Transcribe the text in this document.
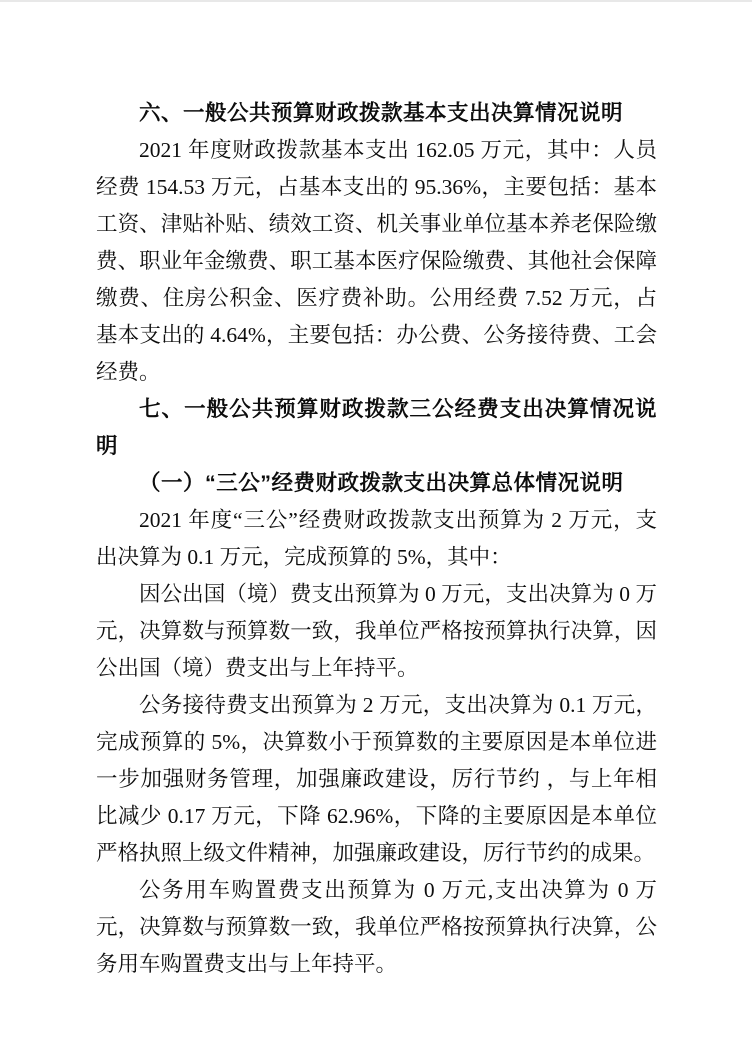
六、一般公共预算财政拨款基本支出决算情况说明

2021 年度财政拨款基本支出 162.05 万元，其中：人员经费 154.53 万元，占基本支出的 95.36%，主要包括：基本工资、津贴补贴、绩效工资、机关事业单位基本养老保险缴费、职业年金缴费、职工基本医疗保险缴费、其他社会保障缴费、住房公积金、医疗费补助。公用经费 7.52 万元，占基本支出的 4.64%，主要包括：办公费、公务接待费、工会经费。

七、一般公共预算财政拨款三公经费支出决算情况说明

（一）“三公”经费财政拨款支出决算总体情况说明

2021 年度“三公”经费财政拨款支出预算为 2 万元，支出决算为 0.1 万元，完成预算的 5%，其中：

因公出国（境）费支出预算为 0 万元，支出决算为 0 万元，决算数与预算数一致，我单位严格按预算执行决算，因公出国（境）费支出与上年持平。

公务接待费支出预算为 2 万元，支出决算为 0.1 万元，完成预算的 5%，决算数小于预算数的主要原因是本单位进一步加强财务管理，加强廉政建设，厉行节约 ，与上年相比减少 0.17 万元，下降 62.96%，下降的主要原因是本单位严格执照上级文件精神，加强廉政建设，厉行节约的成果。

公务用车购置费支出预算为 0 万元,支出决算为 0 万元，决算数与预算数一致，我单位严格按预算执行决算，公务用车购置费支出与上年持平。
